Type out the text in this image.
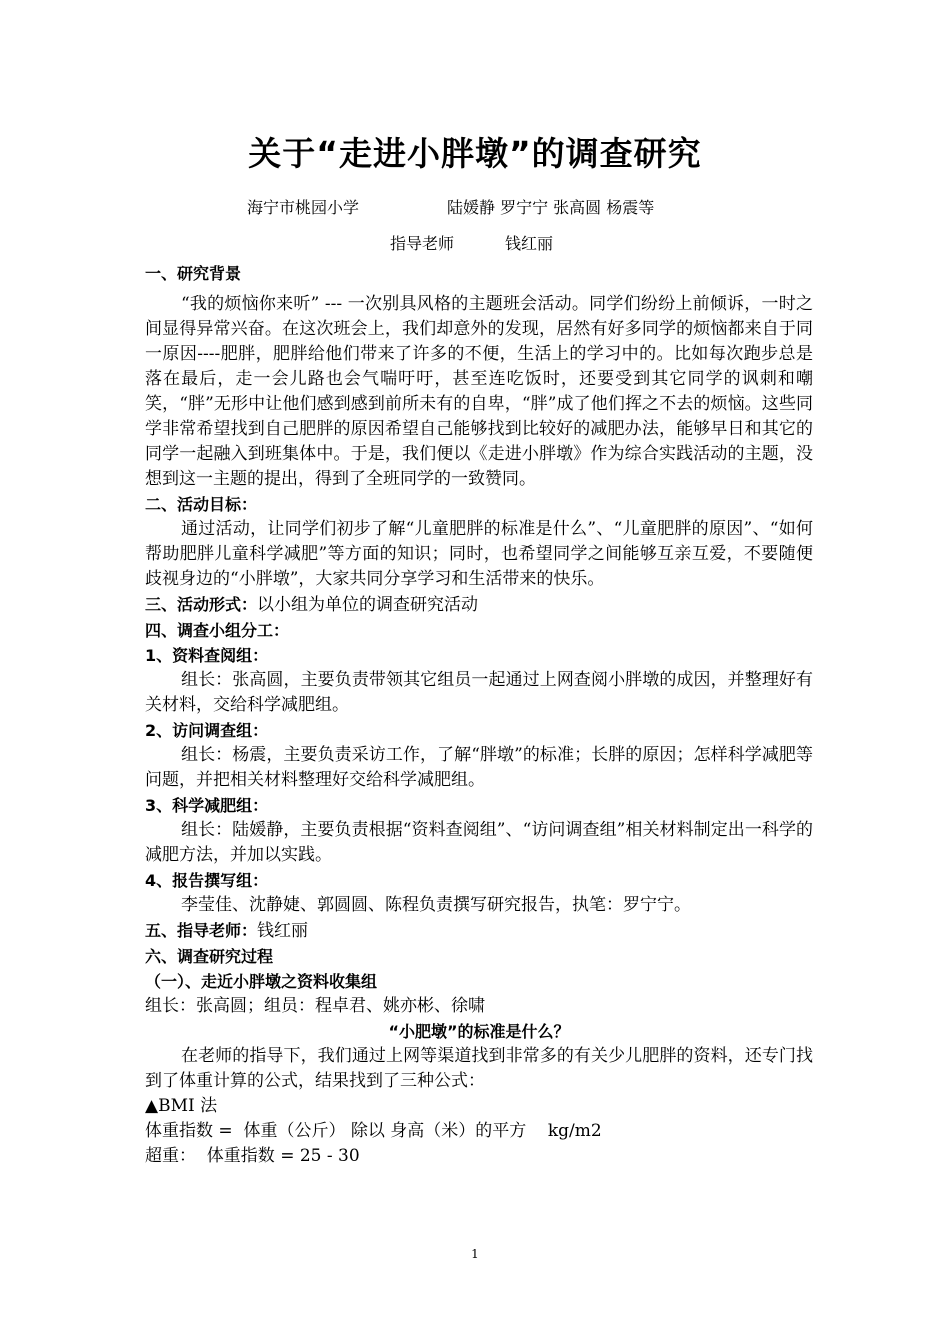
关于“走进小胖墩”的调查研究
海宁市桃园小学	陆媛静 罗宁宁 张高圆 杨震等
指导老师	钱红丽

一、研究背景

“我的烦恼你来听” --- 一次别具风格的主题班会活动。同学们纷纷上前倾诉，一时之间显得异常兴奋。在这次班会上，我们却意外的发现，居然有好多同学的烦恼都来自于同一原因----肥胖，肥胖给他们带来了许多的不便，生活上的学习中的。比如每次跑步总是落在最后，走一会儿路也会气喘吁吁，甚至连吃饭时，还要受到其它同学的讽刺和嘲笑，“胖”无形中让他们感到感到前所未有的自卑，“胖”成了他们挥之不去的烦恼。这些同学非常希望找到自己肥胖的原因希望自己能够找到比较好的减肥办法，能够早日和其它的同学一起融入到班集体中。于是，我们便以《走进小胖墩》作为综合实践活动的主题，没想到这一主题的提出，得到了全班同学的一致赞同。

二、活动目标：

通过活动，让同学们初步了解“儿童肥胖的标准是什么”、“儿童肥胖的原因”、“如何帮助肥胖儿童科学减肥”等方面的知识；同时，也希望同学之间能够互亲互爱，不要随便歧视身边的“小胖墩”，大家共同分享学习和生活带来的快乐。

三、活动形式：以小组为单位的调查研究活动

四、调查小组分工：

1、资料查阅组：

组长：张高圆，主要负责带领其它组员一起通过上网查阅小胖墩的成因，并整理好有关材料，交给科学减肥组。

2、访问调查组：

组长：杨震，主要负责采访工作，了解“胖墩”的标准；长胖的原因；怎样科学减肥等问题，并把相关材料整理好交给科学减肥组。

3、科学减肥组：

组长：陆媛静，主要负责根据“资料查阅组”、“访问调查组”相关材料制定出一科学的减肥方法，并加以实践。

4、报告撰写组：

李莹佳、沈静婕、郭圆圆、陈程负责撰写研究报告，执笔：罗宁宁。

五、指导老师：钱红丽

六、调查研究过程

（一）、走近小胖墩之资料收集组

组长：张高圆；组员：程卓君、姚亦彬、徐啸

“小肥墩”的标准是什么？

在老师的指导下，我们通过上网等渠道找到非常多的有关少儿肥胖的资料，还专门找到了体重计算的公式，结果找到了三种公式：

▲BMI 法

体重指数 =  体重（公斤） 除以 身高（米）的平方    kg/m2

超重：  体重指数 = 25 - 30

1
